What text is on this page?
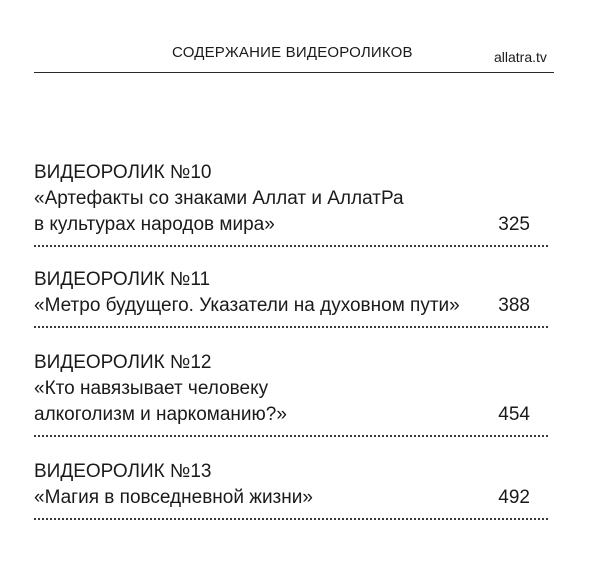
СОДЕРЖАНИЕ ВИДЕОРОЛИКОВ	allatra.tv
ВИДЕОРОЛИК №10
«Артефакты со знаками Аллат и АллатРа
в культурах народов мира»	325
ВИДЕОРОЛИК №11
«Метро будущего. Указатели на духовном пути» 388
ВИДЕОРОЛИК №12
«Кто навязывает человеку
алкоголизм и наркоманию?»	454
ВИДЕОРОЛИК №13
«Магия в повседневной жизни»	492
